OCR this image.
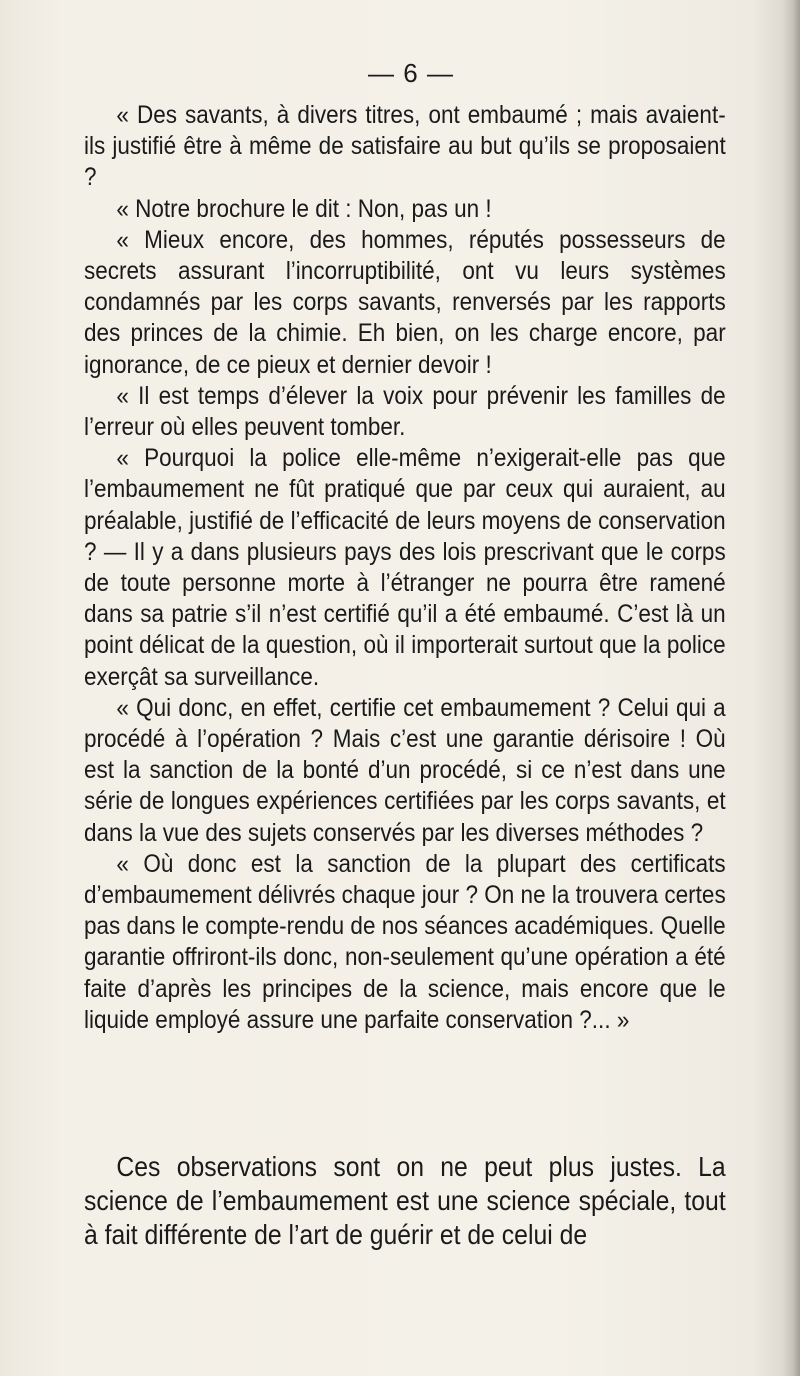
— 6 —

« Des savants, à divers titres, ont embaumé ; mais avaient-ils justifié être à même de satisfaire au but qu’ils se proposaient ?

« Notre brochure le dit : Non, pas un !

« Mieux encore, des hommes, réputés possesseurs de secrets assurant l’incorruptibilité, ont vu leurs systèmes condamnés par les corps savants, renversés par les rapports des princes de la chimie. Eh bien, on les charge encore, par ignorance, de ce pieux et dernier devoir !

« Il est temps d’élever la voix pour prévenir les familles de l’erreur où elles peuvent tomber.

« Pourquoi la police elle-même n’exigerait-elle pas que l’embaumement ne fût pratiqué que par ceux qui auraient, au préalable, justifié de l’efficacité de leurs moyens de conservation ? — Il y a dans plusieurs pays des lois prescrivant que le corps de toute personne morte à l’étranger ne pourra être ramené dans sa patrie s’il n’est certifié qu’il a été embaumé. C’est là un point délicat de la question, où il importerait surtout que la police exerçât sa surveillance.

« Qui donc, en effet, certifie cet embaumement ? Celui qui a procédé à l’opération ? Mais c’est une garantie dérisoire ! Où est la sanction de la bonté d’un procédé, si ce n’est dans une série de longues expériences certifiées par les corps savants, et dans la vue des sujets conservés par les diverses méthodes ?

« Où donc est la sanction de la plupart des certificats d’embaumement délivrés chaque jour ? On ne la trouvera certes pas dans le compte-rendu de nos séances académiques. Quelle garantie offriront-ils donc, non-seulement qu’une opération a été faite d’après les principes de la science, mais encore que le liquide employé assure une parfaite conservation ?... »

Ces observations sont on ne peut plus justes. La science de l’embaumement est une science spéciale, tout à fait différente de l’art de guérir et de celui de
